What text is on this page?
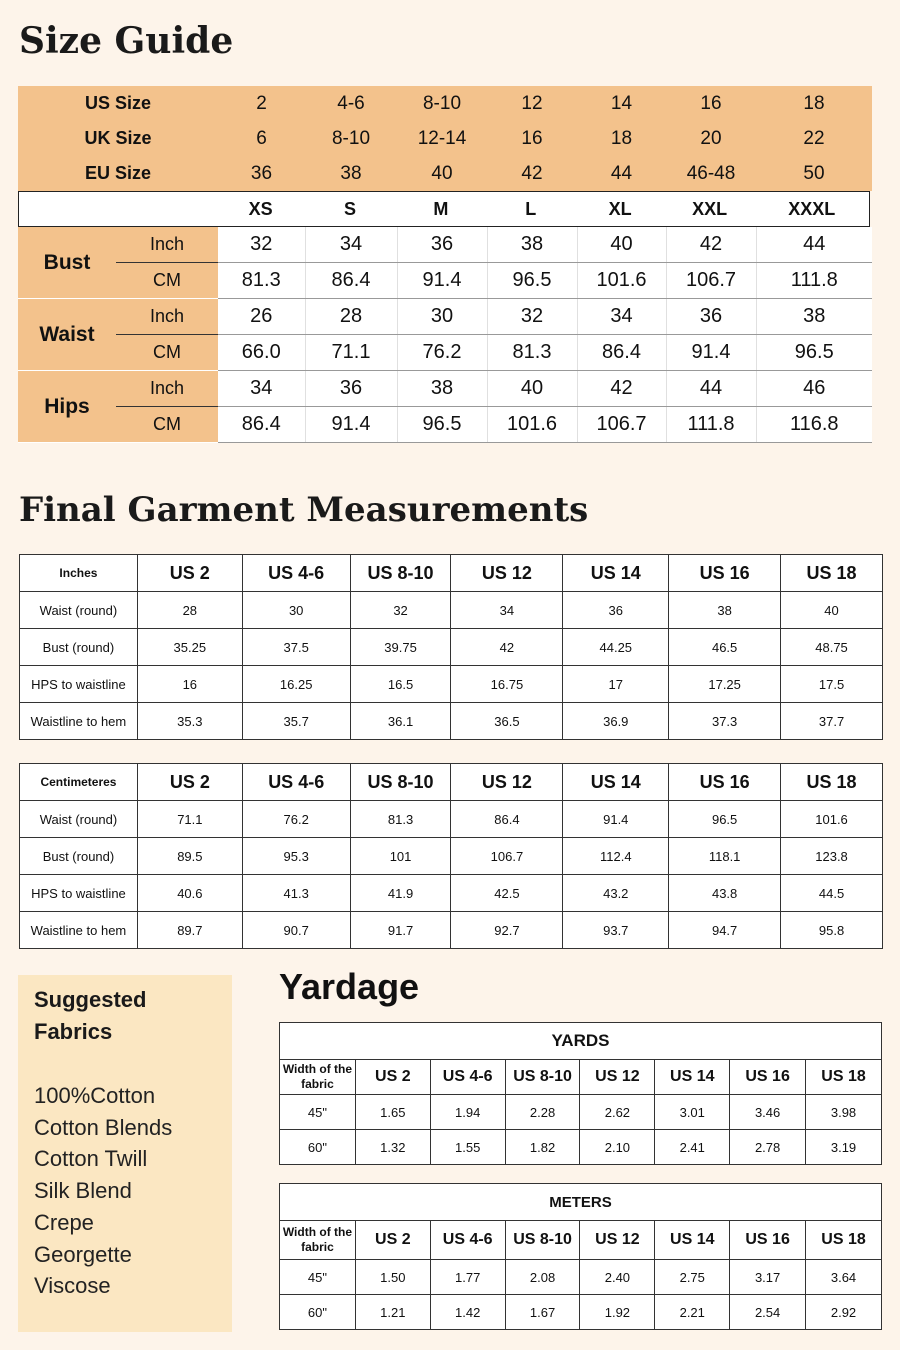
Size Guide
US Size	2	4-6	8-10	12	14	16	18
UK Size	6	8-10	12-14	16	18	20	22
EU Size	36	38	40	42	44	46-48	50
	XS	S	M	L	XL	XXL	XXXL
Bust	Inch	32	34	36	38	40	42	44
	CM	81.3	86.4	91.4	96.5	101.6	106.7	111.8
Waist	Inch	26	28	30	32	34	36	38
	CM	66.0	71.1	76.2	81.3	86.4	91.4	96.5
Hips	Inch	34	36	38	40	42	44	46
	CM	86.4	91.4	96.5	101.6	106.7	111.8	116.8
Final Garment Measurements
Inches	US 2	US 4-6	US 8-10	US 12	US 14	US 16	US 18
Waist (round)	28	30	32	34	36	38	40
Bust (round)	35.25	37.5	39.75	42	44.25	46.5	48.75
HPS to waistline	16	16.25	16.5	16.75	17	17.25	17.5
Waistline to hem	35.3	35.7	36.1	36.5	36.9	37.3	37.7
Centimeteres	US 2	US 4-6	US 8-10	US 12	US 14	US 16	US 18
Waist (round)	71.1	76.2	81.3	86.4	91.4	96.5	101.6
Bust (round)	89.5	95.3	101	106.7	112.4	118.1	123.8
HPS to waistline	40.6	41.3	41.9	42.5	43.2	43.8	44.5
Waistline to hem	89.7	90.7	91.7	92.7	93.7	94.7	95.8
Suggested
Fabrics
100%Cotton
Cotton Blends
Cotton Twill
Silk Blend
Crepe
Georgette
Viscose
Yardage
YARDS							
Width of the
fabric	US 2	US 4-6	US 8-10	US 12	US 14	US 16	US 18
45"	1.65	1.94	2.28	2.62	3.01	3.46	3.98
60"	1.32	1.55	1.82	2.10	2.41	2.78	3.19
METERS							
Width of the
fabric	US 2	US 4-6	US 8-10	US 12	US 14	US 16	US 18
45"	1.50	1.77	2.08	2.40	2.75	3.17	3.64
60"	1.21	1.42	1.67	1.92	2.21	2.54	2.92
